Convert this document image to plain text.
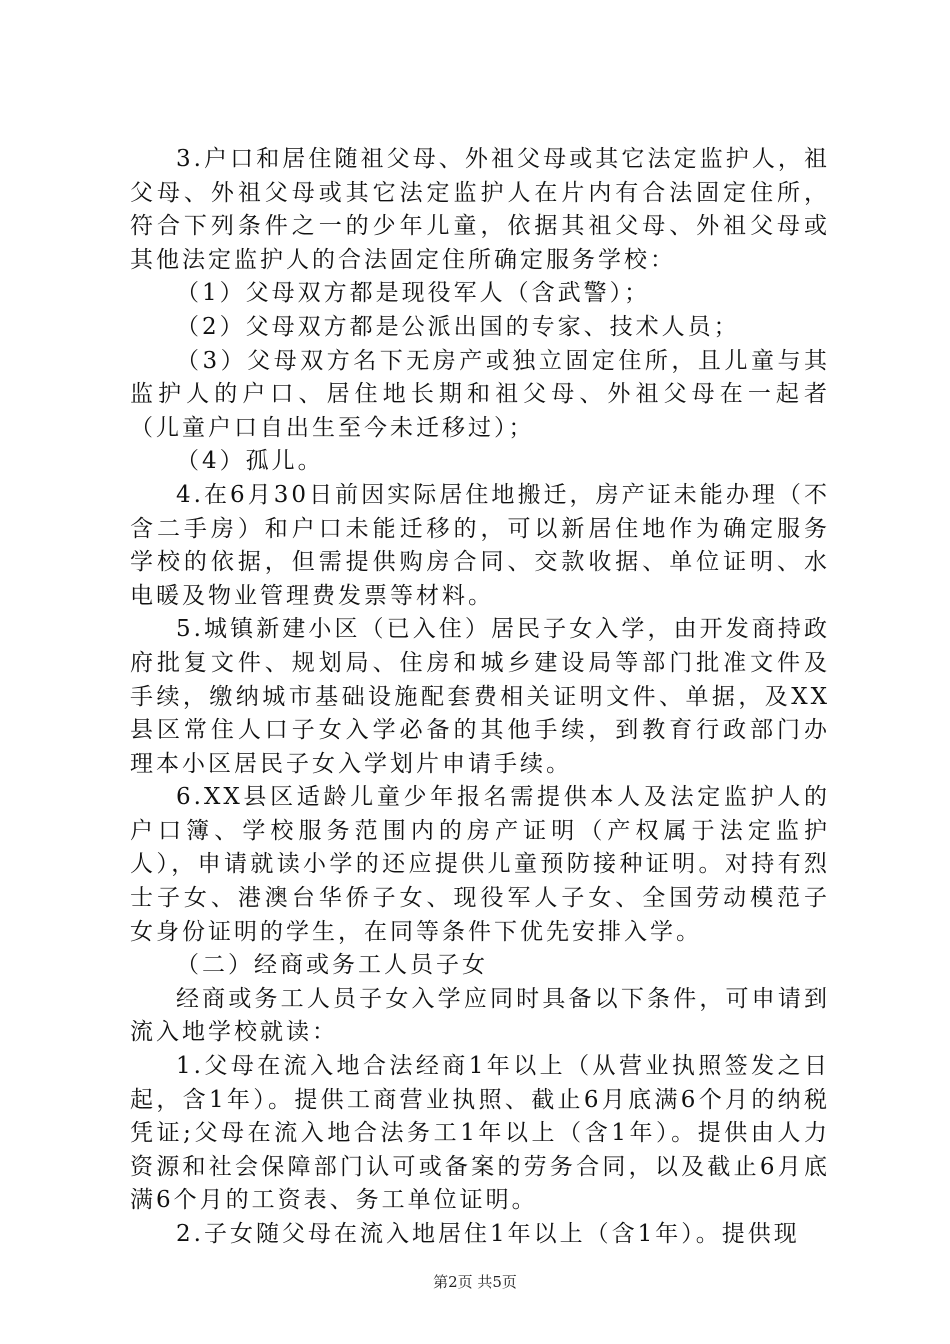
3.户口和居住随祖父母、外祖父母或其它法定监护人，祖父母、外祖父母或其它法定监护人在片内有合法固定住所，符合下列条件之一的少年儿童，依据其祖父母、外祖父母或其他法定监护人的合法固定住所确定服务学校：

（1）父母双方都是现役军人（含武警）；

（2）父母双方都是公派出国的专家、技术人员；

（3）父母双方名下无房产或独立固定住所，且儿童与其监护人的户口、居住地长期和祖父母、外祖父母在一起者（儿童户口自出生至今未迁移过）；

（4）孤儿。

4.在6月30日前因实际居住地搬迁，房产证未能办理（不含二手房）和户口未能迁移的，可以新居住地作为确定服务学校的依据，但需提供购房合同、交款收据、单位证明、水电暖及物业管理费发票等材料。

5.城镇新建小区（已入住）居民子女入学，由开发商持政府批复文件、规划局、住房和城乡建设局等部门批准文件及手续，缴纳城市基础设施配套费相关证明文件、单据，及XX县区常住人口子女入学必备的其他手续，到教育行政部门办理本小区居民子女入学划片申请手续。

6.XX县区适龄儿童少年报名需提供本人及法定监护人的户口簿、学校服务范围内的房产证明（产权属于法定监护人），申请就读小学的还应提供儿童预防接种证明。对持有烈士子女、港澳台华侨子女、现役军人子女、全国劳动模范子女身份证明的学生，在同等条件下优先安排入学。

（二）经商或务工人员子女

经商或务工人员子女入学应同时具备以下条件，可申请到流入地学校就读：

1.父母在流入地合法经商1年以上（从营业执照签发之日起，含1年）。提供工商营业执照、截止6月底满6个月的纳税凭证;父母在流入地合法务工1年以上（含1年）。提供由人力资源和社会保障部门认可或备案的劳务合同，以及截止6月底满6个月的工资表、务工单位证明。

2.子女随父母在流入地居住1年以上（含1年）。提供现

第2页 共5页
